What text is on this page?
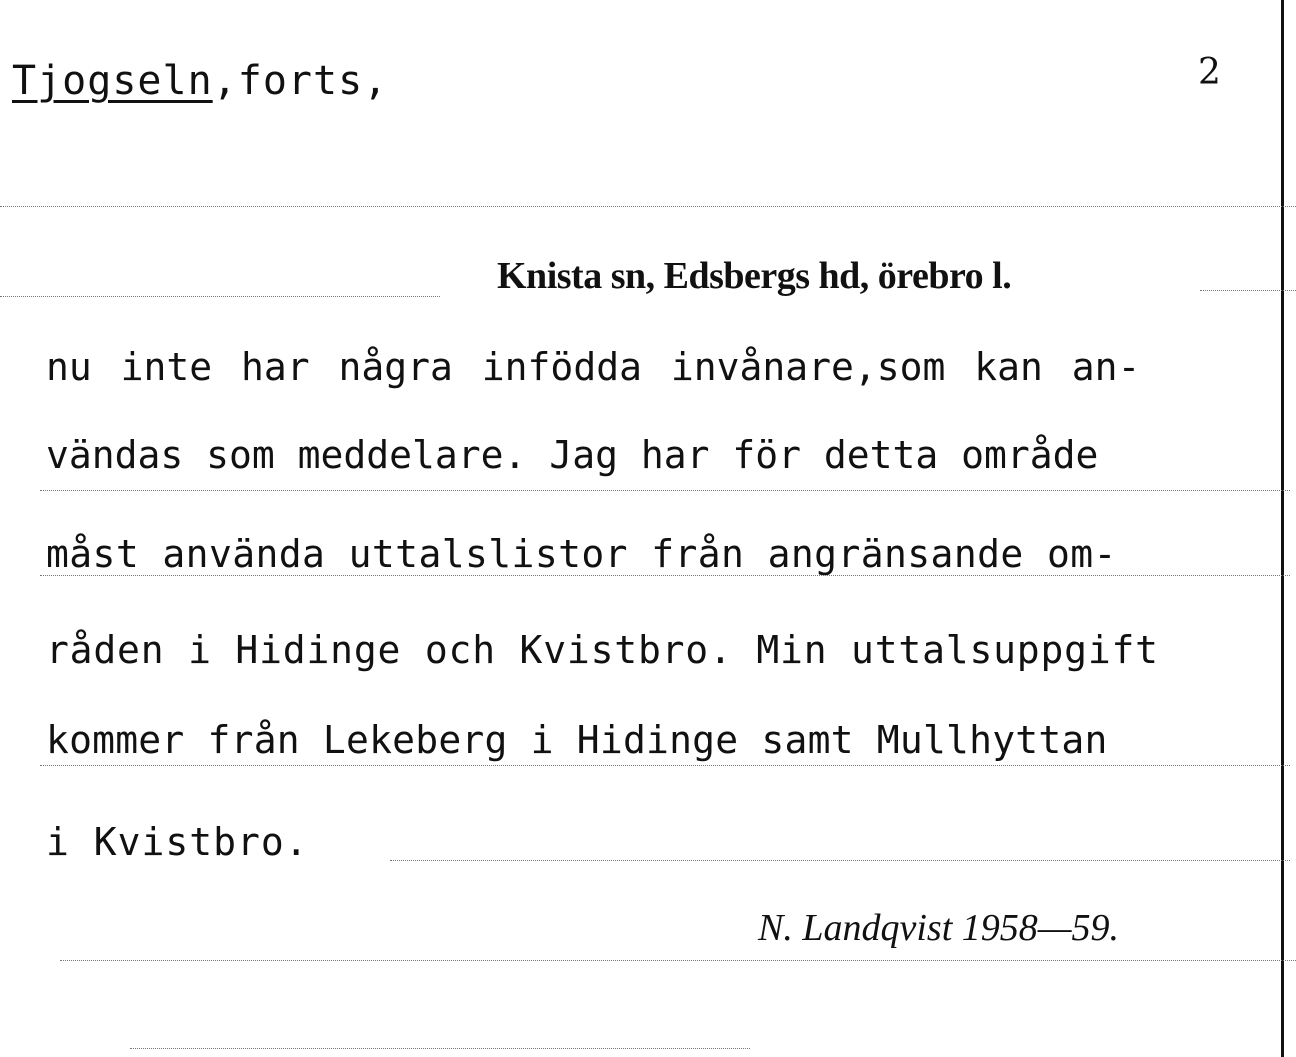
Tjogseln,forts,	2
Knista sn, Edsbergs hd, örebro l.
nu inte har några infödda invånare,som kan an-
vändas som meddelare. Jag har för detta område
måst använda uttalslistor från angränsande om-
råden i Hidinge och Kvistbro. Min uttalsuppgift
kommer från Lekeberg i Hidinge samt Mullhyttan
i Kvistbro.
N. Landqvist 1958—59.
